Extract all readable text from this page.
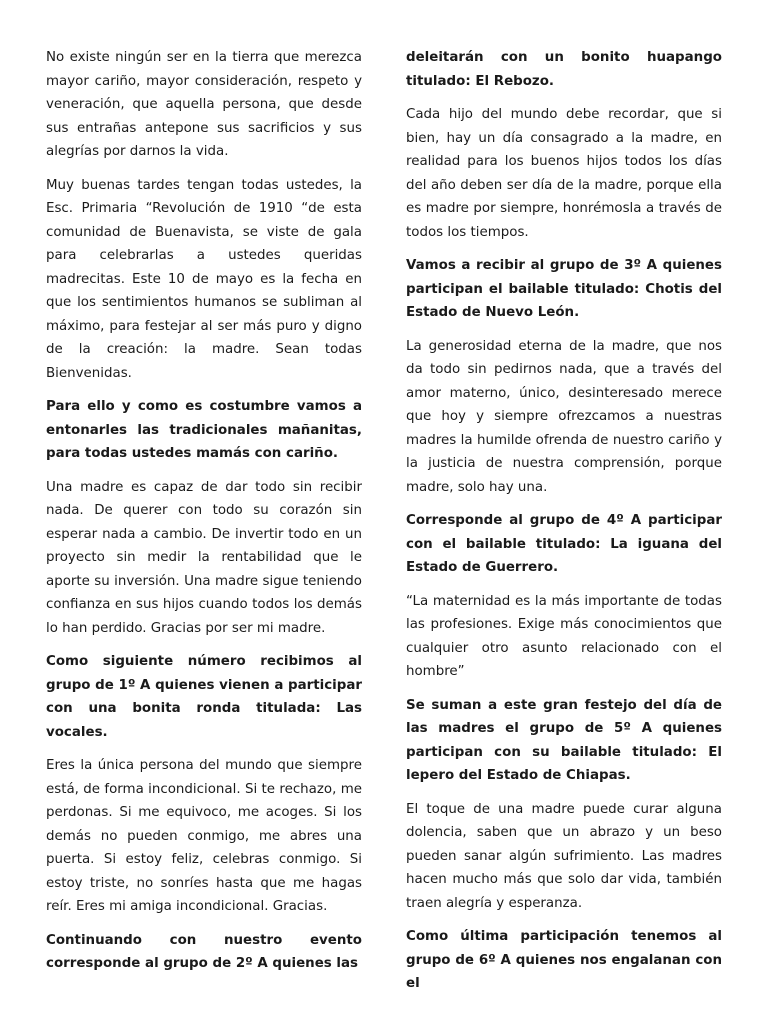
No existe ningún ser en la tierra que merezca mayor cariño, mayor consideración, respeto y veneración, que aquella persona, que desde sus entrañas antepone sus sacrificios y sus alegrías por darnos la vida.

Muy buenas tardes tengan todas ustedes, la Esc. Primaria “Revolución de 1910 “de esta comunidad de Buenavista, se viste de gala para celebrarlas a ustedes queridas madrecitas. Este 10 de mayo es la fecha en que los sentimientos humanos se subliman al máximo, para festejar al ser más puro y digno de la creación: la madre. Sean todas Bienvenidas.

Para ello y como es costumbre vamos a entonarles las tradicionales mañanitas, para todas ustedes mamás con cariño.

Una madre es capaz de dar todo sin recibir nada. De querer con todo su corazón sin esperar nada a cambio. De invertir todo en un proyecto sin medir la rentabilidad que le aporte su inversión. Una madre sigue teniendo confianza en sus hijos cuando todos los demás lo han perdido. Gracias por ser mi madre.

Como siguiente número recibimos al grupo de 1º A quienes vienen a participar con una bonita ronda titulada: Las vocales.

Eres la única persona del mundo que siempre está, de forma incondicional. Si te rechazo, me perdonas. Si me equivoco, me acoges. Si los demás no pueden conmigo, me abres una puerta. Si estoy feliz, celebras conmigo. Si estoy triste, no sonríes hasta que me hagas reír. Eres mi amiga incondicional. Gracias.

Continuando con nuestro evento corresponde al grupo de 2º A quienes las

deleitarán con un bonito huapango titulado: El Rebozo.

Cada hijo del mundo debe recordar, que si bien, hay un día consagrado a la madre, en realidad para los buenos hijos todos los días del año deben ser día de la madre, porque ella es madre por siempre, honrémosla a través de todos los tiempos.

Vamos a recibir al grupo de 3º A quienes participan el bailable titulado: Chotis del Estado de Nuevo León.

La generosidad eterna de la madre, que nos da todo sin pedirnos nada, que a través del amor materno, único, desinteresado merece que hoy y siempre ofrezcamos a nuestras madres la humilde ofrenda de nuestro cariño y la justicia de nuestra comprensión, porque madre, solo hay una.

Corresponde al grupo de 4º A participar con el bailable titulado: La iguana del Estado de Guerrero.

“La maternidad es la más importante de todas las profesiones. Exige más conocimientos que cualquier otro asunto relacionado con el hombre”

Se suman a este gran festejo del día de las madres el grupo de 5º A quienes participan con su bailable titulado: El lepero del Estado de Chiapas.

El toque de una madre puede curar alguna dolencia, saben que un abrazo y un beso pueden sanar algún sufrimiento. Las madres hacen mucho más que solo dar vida, también traen alegría y esperanza.

Como última participación tenemos al grupo de 6º A quienes nos engalanan con el
